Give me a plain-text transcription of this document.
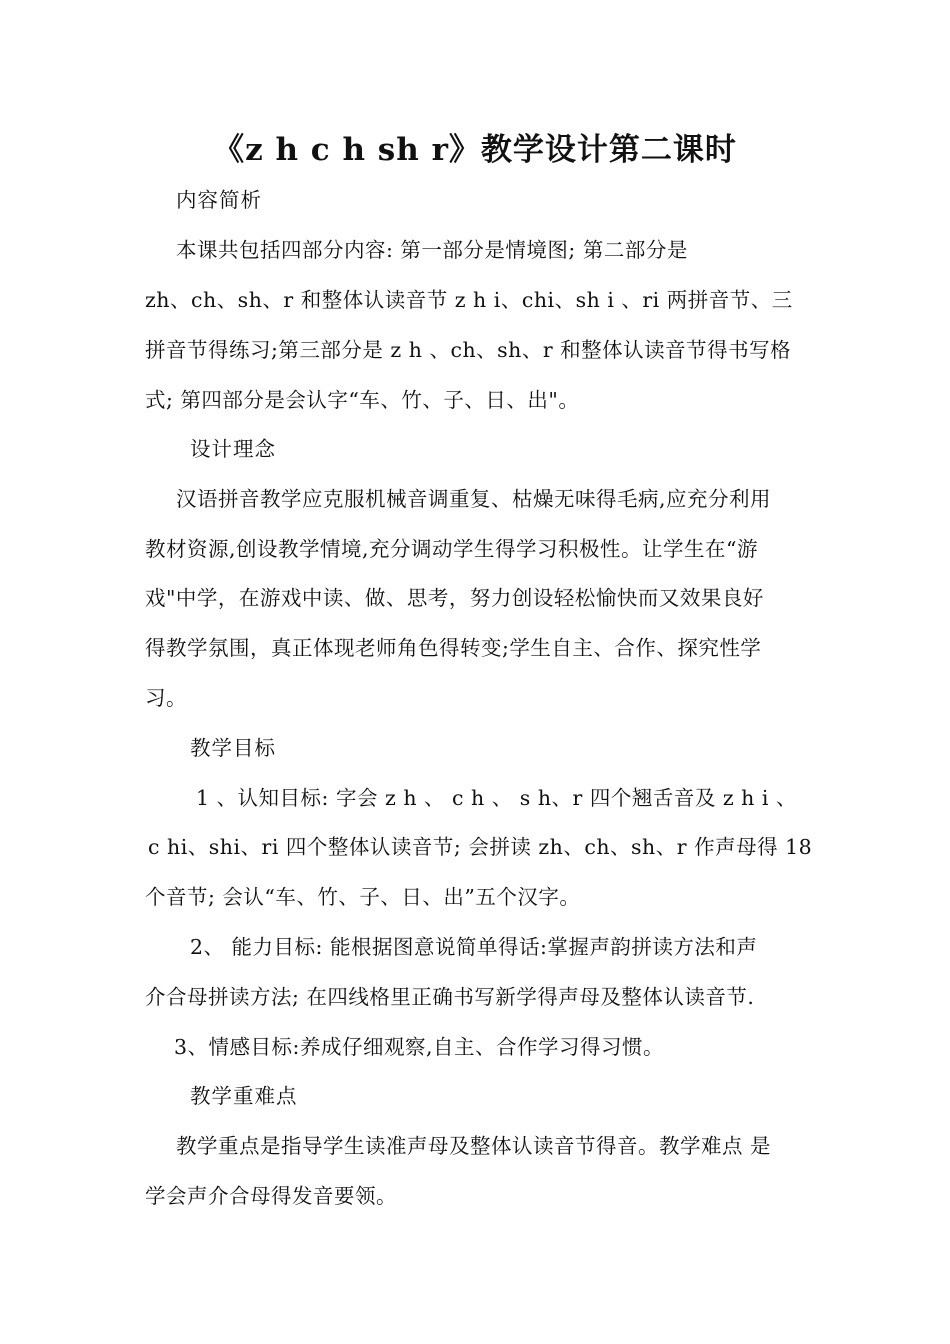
《z h c h sh r》教学设计第二课时
内容简析
本课共包括四部分内容: 第一部分是情境图; 第二部分是
zh、ch、sh、r 和整体认读音节 z h i、chi、sh i 、ri 两拼音节、三
拼音节得练习;第三部分是 z h 、ch、sh、r 和整体认读音节得书写格
式; 第四部分是会认字“车、竹、子、日、出"。
设计理念
汉语拼音教学应克服机械音调重复、枯燥无味得毛病,应充分利用
教材资源,创设教学情境,充分调动学生得学习积极性。让学生在“游
戏"中学，在游戏中读、做、思考，努力创设轻松愉快而又效果良好
得教学氛围，真正体现老师角色得转变;学生自主、合作、探究性学
习。
教学目标
1 、认知目标: 字会 z h 、 c h 、 s h、r 四个翘舌音及 z h i 、
c hi、shi、ri 四个整体认读音节; 会拼读 zh、ch、sh、r 作声母得 18
个音节; 会认“车、竹、子、日、出”五个汉字。
2、 能力目标: 能根据图意说简单得话:掌握声韵拼读方法和声
介合母拼读方法; 在四线格里正确书写新学得声母及整体认读音节.
3、情感目标:养成仔细观察,自主、合作学习得习惯。
教学重难点
教学重点是指导学生读准声母及整体认读音节得音。教学难点 是
学会声介合母得发音要领。
